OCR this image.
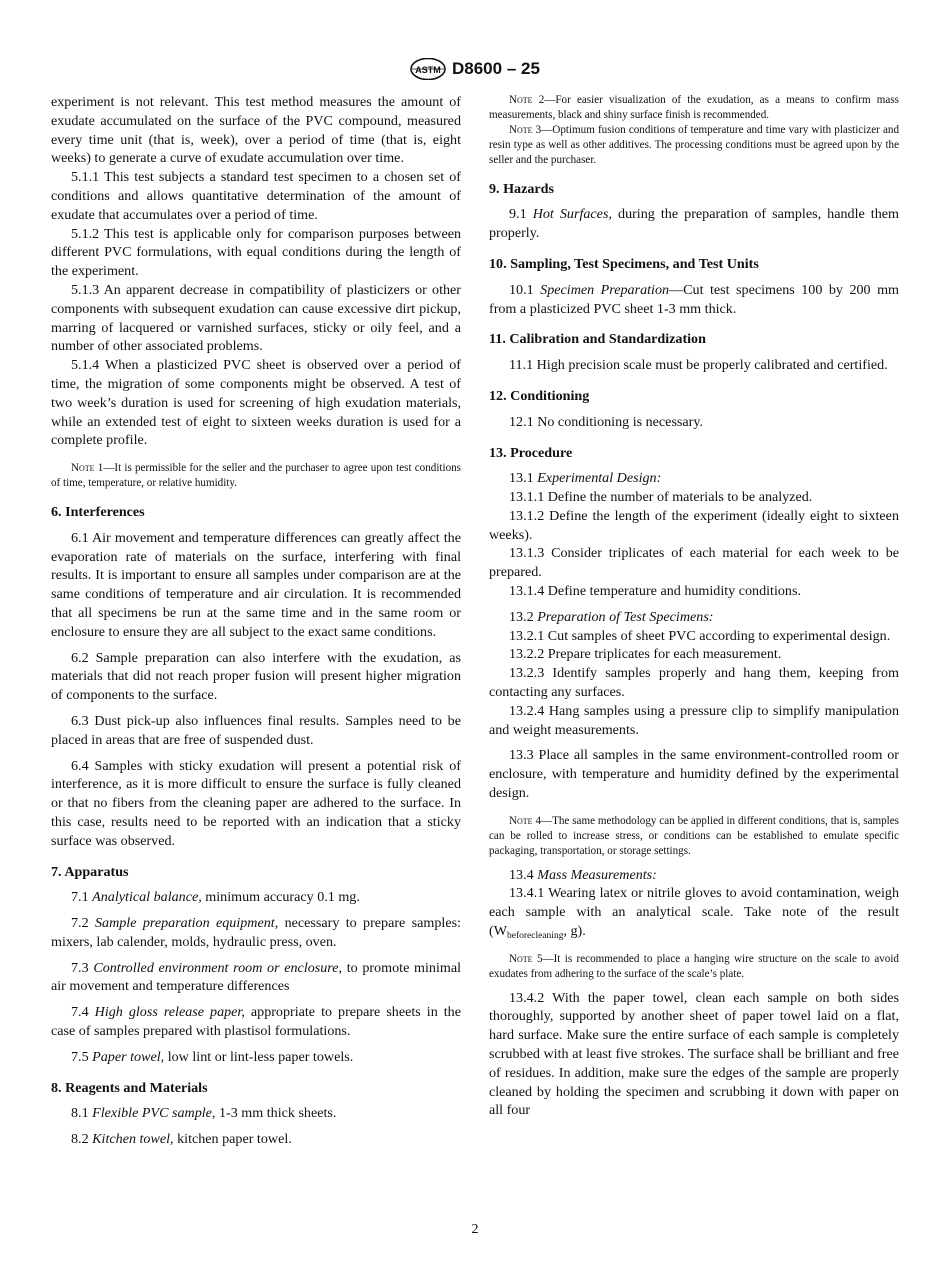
ASTM D8600 – 25

experiment is not relevant. This test method measures the amount of exudate accumulated on the surface of the PVC compound, measured every time unit (that is, week), over a period of time (that is, eight weeks) to generate a curve of exudate accumulation over time.

5.1.1 This test subjects a standard test specimen to a chosen set of conditions and allows quantitative determination of the amount of exudate that accumulates over a period of time.

5.1.2 This test is applicable only for comparison purposes between different PVC formulations, with equal conditions during the length of the experiment.

5.1.3 An apparent decrease in compatibility of plasticizers or other components with subsequent exudation can cause excessive dirt pickup, marring of lacquered or varnished surfaces, sticky or oily feel, and a number of other associated problems.

5.1.4 When a plasticized PVC sheet is observed over a period of time, the migration of some components might be observed. A test of two week’s duration is used for screening of high exudation materials, while an extended test of eight to sixteen weeks duration is used for a complete profile.

Note 1—It is permissible for the seller and the purchaser to agree upon test conditions of time, temperature, or relative humidity.

6. Interferences

6.1 Air movement and temperature differences can greatly affect the evaporation rate of materials on the surface, interfering with final results. It is important to ensure all samples under comparison are at the same conditions of temperature and air circulation. It is recommended that all specimens be run at the same time and in the same room or enclosure to ensure they are all subject to the exact same conditions.

6.2 Sample preparation can also interfere with the exudation, as materials that did not reach proper fusion will present higher migration of components to the surface.

6.3 Dust pick-up also influences final results. Samples need to be placed in areas that are free of suspended dust.

6.4 Samples with sticky exudation will present a potential risk of interference, as it is more difficult to ensure the surface is fully cleaned or that no fibers from the cleaning paper are adhered to the surface. In this case, results need to be reported with an indication that a sticky surface was observed.

7. Apparatus

7.1 Analytical balance, minimum accuracy 0.1 mg.

7.2 Sample preparation equipment, necessary to prepare samples: mixers, lab calender, molds, hydraulic press, oven.

7.3 Controlled environment room or enclosure, to promote minimal air movement and temperature differences

7.4 High gloss release paper, appropriate to prepare sheets in the case of samples prepared with plastisol formulations.

7.5 Paper towel, low lint or lint-less paper towels.

8. Reagents and Materials

8.1 Flexible PVC sample, 1-3 mm thick sheets.

8.2 Kitchen towel, kitchen paper towel.

Note 2—For easier visualization of the exudation, as a means to confirm mass measurements, black and shiny surface finish is recommended.

Note 3—Optimum fusion conditions of temperature and time vary with plasticizer and resin type as well as other additives. The processing conditions must be agreed upon by the seller and the purchaser.

9. Hazards

9.1 Hot Surfaces, during the preparation of samples, handle them properly.

10. Sampling, Test Specimens, and Test Units

10.1 Specimen Preparation—Cut test specimens 100 by 200 mm from a plasticized PVC sheet 1-3 mm thick.

11. Calibration and Standardization

11.1 High precision scale must be properly calibrated and certified.

12. Conditioning

12.1 No conditioning is necessary.

13. Procedure

13.1 Experimental Design:

13.1.1 Define the number of materials to be analyzed.

13.1.2 Define the length of the experiment (ideally eight to sixteen weeks).

13.1.3 Consider triplicates of each material for each week to be prepared.

13.1.4 Define temperature and humidity conditions.

13.2 Preparation of Test Specimens:

13.2.1 Cut samples of sheet PVC according to experimental design.

13.2.2 Prepare triplicates for each measurement.

13.2.3 Identify samples properly and hang them, keeping from contacting any surfaces.

13.2.4 Hang samples using a pressure clip to simplify manipulation and weight measurements.

13.3 Place all samples in the same environment-controlled room or enclosure, with temperature and humidity defined by the experimental design.

Note 4—The same methodology can be applied in different conditions, that is, samples can be rolled to increase stress, or conditions can be established to emulate specific packaging, transportation, or storage settings.

13.4 Mass Measurements:

13.4.1 Wearing latex or nitrile gloves to avoid contamination, weigh each sample with an analytical scale. Take note of the result ($W_{beforecleaning}$, g).

Note 5—It is recommended to place a hanging wire structure on the scale to avoid exudates from adhering to the surface of the scale’s plate.

13.4.2 With the paper towel, clean each sample on both sides thoroughly, supported by another sheet of paper towel laid on a flat, hard surface. Make sure the entire surface of each sample is completely scrubbed with at least five strokes. The surface shall be brilliant and free of residues. In addition, make sure the edges of the sample are properly cleaned by holding the specimen and scrubbing it down with paper on all four

2
